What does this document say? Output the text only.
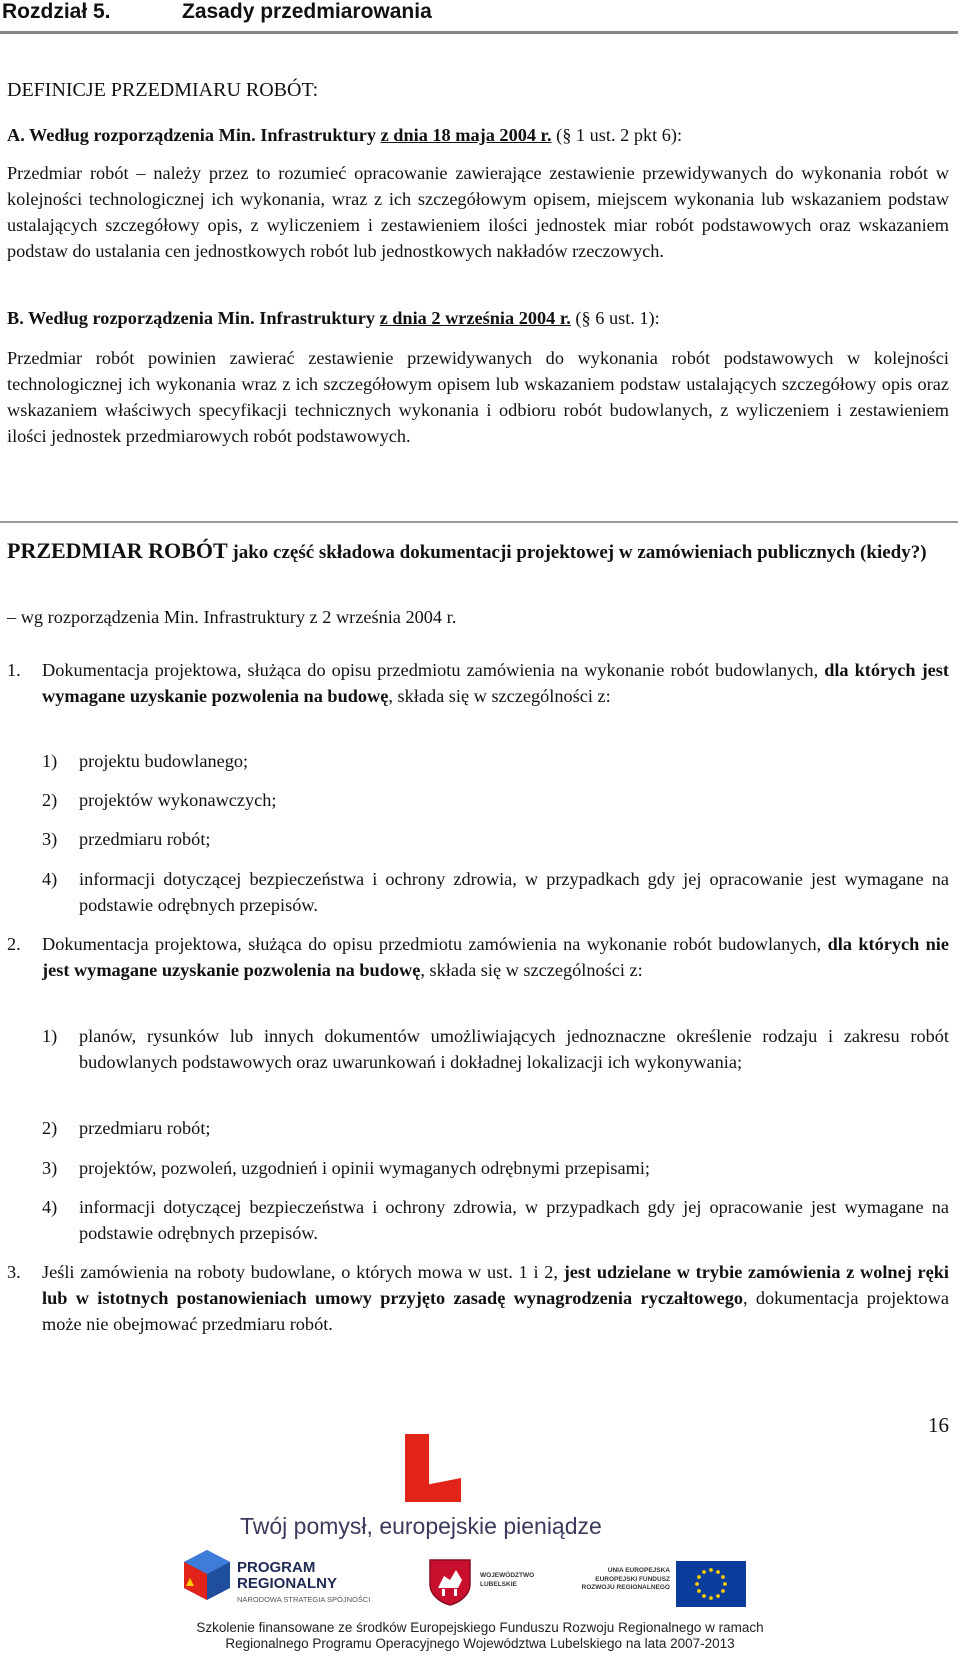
Rozdział 5.	Zasady przedmiarowania
DEFINICJE PRZEDMIARU ROBÓT:
A. Według rozporządzenia Min. Infrastruktury z dnia 18 maja 2004 r. (§ 1 ust. 2 pkt 6):
Przedmiar robót – należy przez to rozumieć opracowanie zawierające zestawienie przewidywanych do wykonania robót w kolejności technologicznej ich wykonania, wraz z ich szczegółowym opisem, miejscem wykonania lub wskazaniem podstaw ustalających szczegółowy opis, z wyliczeniem i zestawieniem ilości jednostek miar robót podstawowych oraz wskazaniem podstaw do ustalania cen jednostkowych robót lub jednostkowych nakładów rzeczowych.
B. Według rozporządzenia Min. Infrastruktury z dnia 2 września 2004 r. (§ 6 ust. 1):
Przedmiar robót powinien zawierać zestawienie przewidywanych do wykonania robót podstawowych w kolejności technologicznej ich wykonania wraz z ich szczegółowym opisem lub wskazaniem podstaw ustalających szczegółowy opis oraz wskazaniem właściwych specyfikacji technicznych wykonania i odbioru robót budowlanych, z wyliczeniem i zestawieniem ilości jednostek przedmiarowych robót podstawowych.
PRZEDMIAR ROBÓT jako część składowa dokumentacji projektowej w zamówieniach publicznych (kiedy?)
– wg rozporządzenia Min. Infrastruktury z 2 września 2004 r.
1. Dokumentacja projektowa, służąca do opisu przedmiotu zamówienia na wykonanie robót budowlanych, dla których jest wymagane uzyskanie pozwolenia na budowę, składa się w szczególności z:
1) projektu budowlanego;
2) projektów wykonawczych;
3) przedmiaru robót;
4) informacji dotyczącej bezpieczeństwa i ochrony zdrowia, w przypadkach gdy jej opracowanie jest wymagane na podstawie odrębnych przepisów.
2. Dokumentacja projektowa, służąca do opisu przedmiotu zamówienia na wykonanie robót budowlanych, dla których nie jest wymagane uzyskanie pozwolenia na budowę, składa się w szczególności z:
1) planów, rysunków lub innych dokumentów umożliwiających jednoznaczne określenie rodzaju i zakresu robót budowlanych podstawowych oraz uwarunkowań i dokładnej lokalizacji ich wykonywania;
2) przedmiaru robót;
3) projektów, pozwoleń, uzgodnień i opinii wymaganych odrębnymi przepisami;
4) informacji dotyczącej bezpieczeństwa i ochrony zdrowia, w przypadkach gdy jej opracowanie jest wymagane na podstawie odrębnych przepisów.
3. Jeśli zamówienia na roboty budowlane, o których mowa w ust. 1 i 2, jest udzielane w trybie zamówienia z wolnej ręki lub w istotnych postanowieniach umowy przyjęto zasadę wynagrodzenia ryczałtowego, dokumentacja projektowa może nie obejmować przedmiaru robót.
16
Twój pomysł, europejskie pieniądze
PROGRAM
REGIONALNY
NARODOWA STRATEGIA SPÓJNOŚCI
WOJEWÓDZTWO
LUBELSKIE
UNIA EUROPEJSKA
EUROPEJSKI FUNDUSZ
ROZWOJU REGIONALNEGO
Szkolenie finansowane ze środków Europejskiego Funduszu Rozwoju Regionalnego w ramach
Regionalnego Programu Operacyjnego Województwa Lubelskiego na lata 2007-2013
